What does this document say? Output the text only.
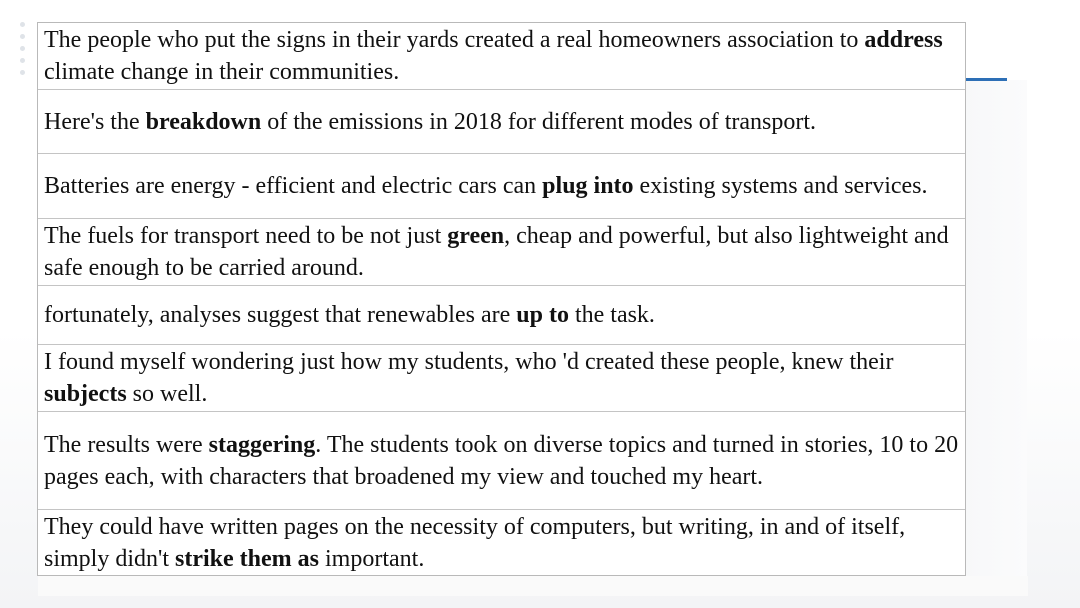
The people who put the signs in their yards created a real homeowners association to address climate change in their communities.

Here's the breakdown of the emissions in 2018 for different modes of transport.

Batteries are energy - efficient and electric cars can plug into existing systems and services.

The fuels for transport need to be not just green, cheap and powerful, but also lightweight and safe enough to be carried around.

fortunately, analyses suggest that renewables are up to the task.

I found myself wondering just how my students, who 'd created these people, knew their subjects so well.

The results were staggering. The students took on diverse topics and turned in stories, 10 to 20 pages each, with characters that broadened my view and touched my heart.

They could have written pages on the necessity of computers, but writing, in and of itself, simply didn't strike them as important.
